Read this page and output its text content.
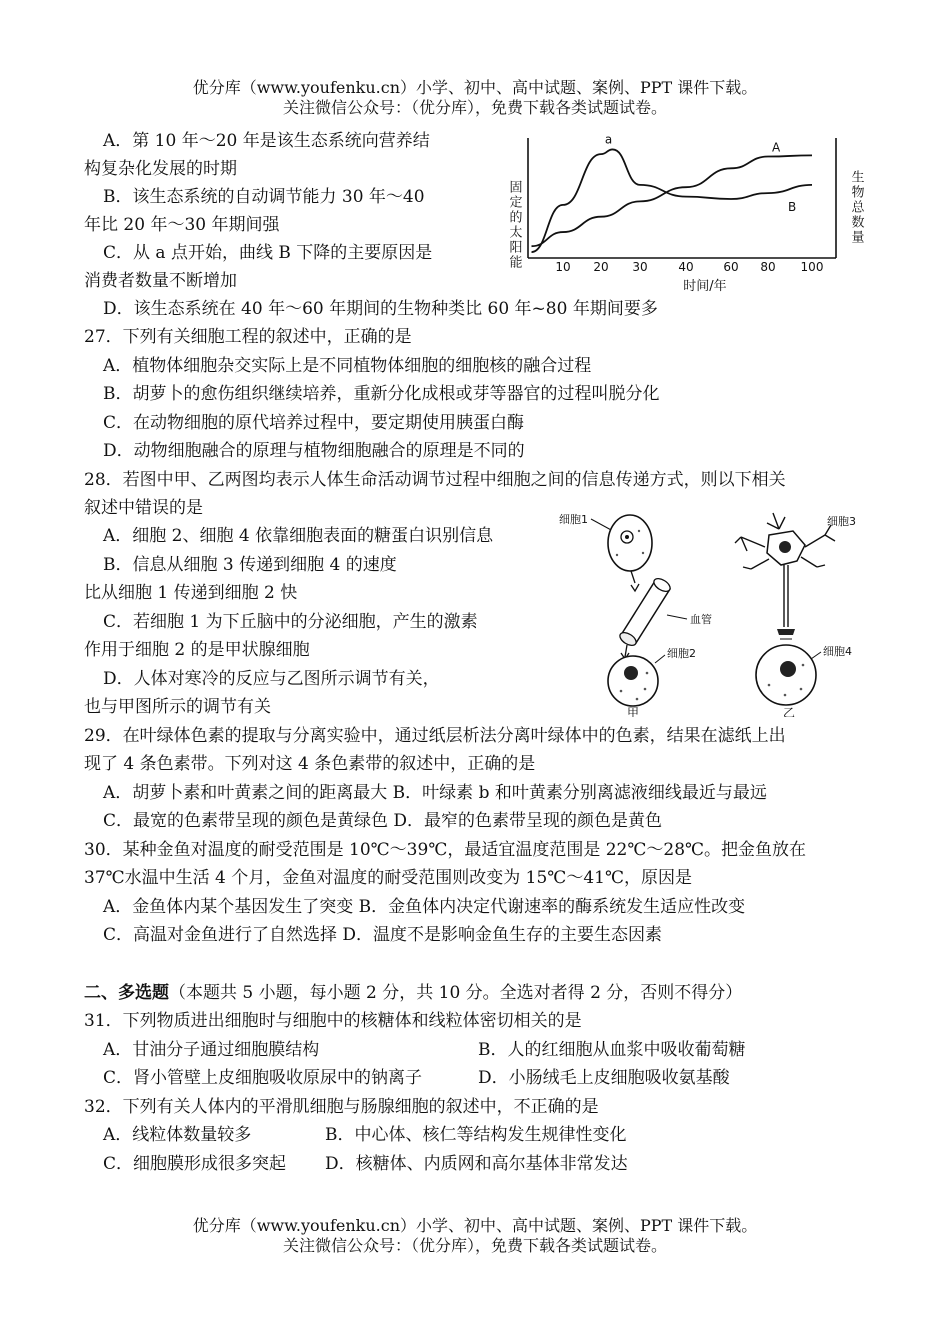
优分库（www.youfenku.cn）小学、初中、高中试题、案例、PPT 课件下载。
关注微信公众号：（优分库），免费下载各类试题试卷。
A．第 10 年～20 年是该生态系统向营养结
构复杂化发展的时期
B．该生态系统的自动调节能力 30 年～40
年比 20 年～30 年期间强
C．从 a 点开始，曲线 B 下降的主要原因是
消费者数量不断增加
D．该生态系统在 40 年～60 年期间的生物种类比 60 年~80 年期间要多
固定的太阳能	生物总数量
10 20 30	40 60 80 100
A
B
a
时间/年
27．下列有关细胞工程的叙述中，正确的是
A．植物体细胞杂交实际上是不同植物体细胞的细胞核的融合过程
B．胡萝卜的愈伤组织继续培养，重新分化成根或芽等器官的过程叫脱分化
C．在动物细胞的原代培养过程中，要定期使用胰蛋白酶
D．动物细胞融合的原理与植物细胞融合的原理是不同的
28．若图中甲、乙两图均表示人体生命活动调节过程中细胞之间的信息传递方式，则以下相关
叙述中错误的是
A．细胞 2、细胞 4 依靠细胞表面的糖蛋白识别信息
B．信息从细胞 3 传递到细胞 4 的速度
比从细胞 1 传递到细胞 2 快
C．若细胞 1 为下丘脑中的分泌细胞，产生的激素
作用于细胞 2 的是甲状腺细胞
D．人体对寒冷的反应与乙图所示调节有关，
也与甲图所示的调节有关
细胞1
血管
细胞2
甲
细胞3
细胞4
乙
29．在叶绿体色素的提取与分离实验中，通过纸层析法分离叶绿体中的色素，结果在滤纸上出
现了 4 条色素带。下列对这 4 条色素带的叙述中，正确的是
A．胡萝卜素和叶黄素之间的距离最大 B．叶绿素 b 和叶黄素分别离滤液细线最近与最远
C．最宽的色素带呈现的颜色是黄绿色 D．最窄的色素带呈现的颜色是黄色
30．某种金鱼对温度的耐受范围是 10℃～39℃，最适宜温度范围是 22℃～28℃。把金鱼放在
37℃水温中生活 4 个月，金鱼对温度的耐受范围则改变为 15℃～41℃，原因是
A．金鱼体内某个基因发生了突变 B．金鱼体内决定代谢速率的酶系统发生适应性改变
C．高温对金鱼进行了自然选择 D．温度不是影响金鱼生存的主要生态因素
二、多选题（本题共 5 小题，每小题 2 分，共 10 分。全选对者得 2 分，否则不得分）
31．下列物质进出细胞时与细胞中的核糖体和线粒体密切相关的是
A．甘油分子通过细胞膜结构	B．人的红细胞从血浆中吸收葡萄糖
C．肾小管壁上皮细胞吸收原尿中的钠离子	D．小肠绒毛上皮细胞吸收氨基酸
32．下列有关人体内的平滑肌细胞与肠腺细胞的叙述中，不正确的是
A．线粒体数量较多	B．中心体、核仁等结构发生规律性变化
C．细胞膜形成很多突起 D．核糖体、内质网和高尔基体非常发达
优分库（www.youfenku.cn）小学、初中、高中试题、案例、PPT 课件下载。
关注微信公众号：（优分库），免费下载各类试题试卷。
